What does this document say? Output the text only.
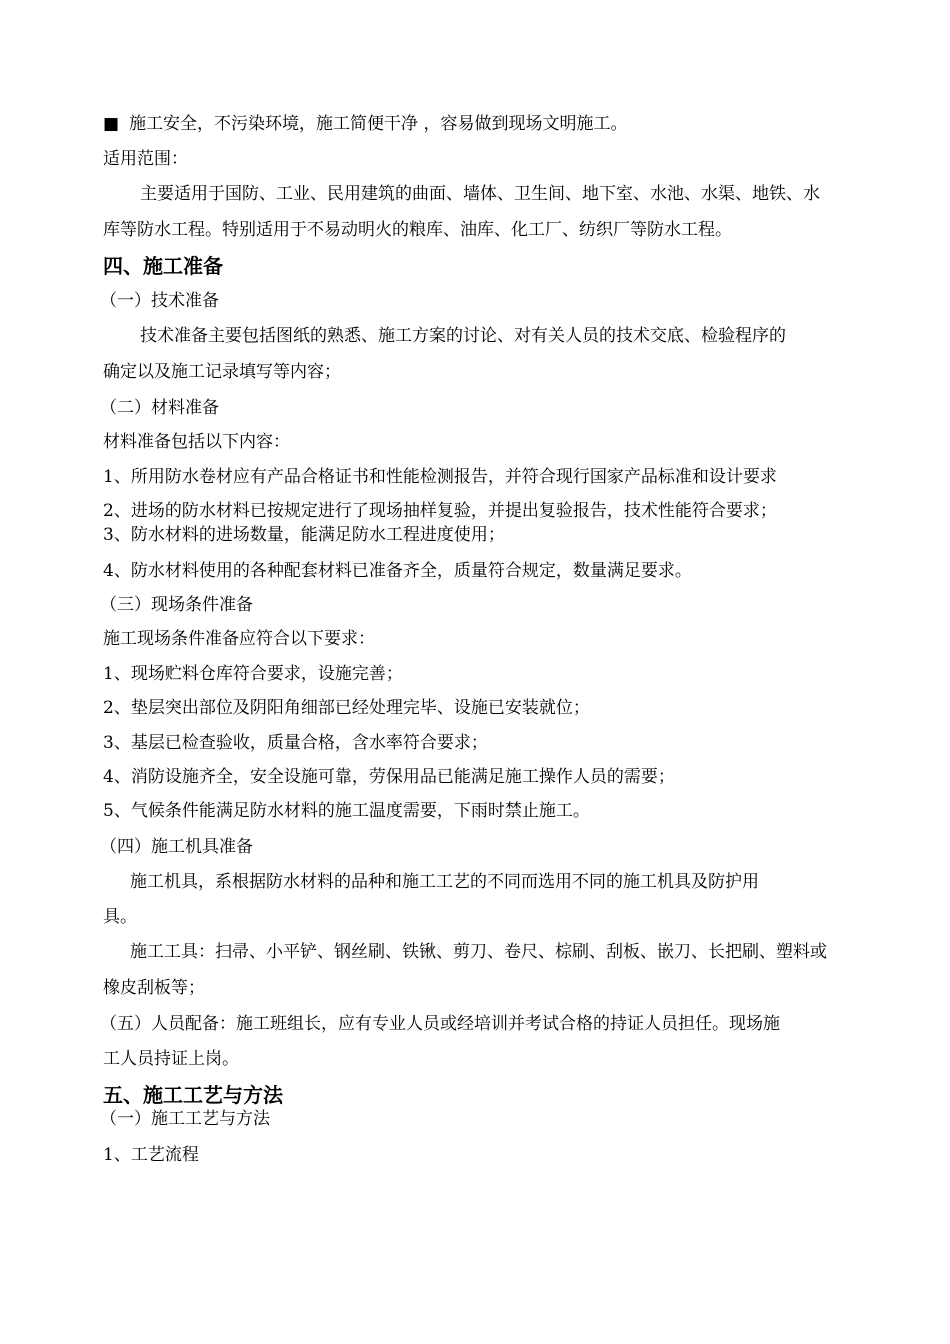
■ 施工安全，不污染环境，施工简便干净 ，容易做到现场文明施工。
适用范围：
主要适用于国防、工业、民用建筑的曲面、墙体、卫生间、地下室、水池、水渠、地铁、水
库等防水工程。特别适用于不易动明火的粮库、油库、化工厂、纺织厂等防水工程。
四、施工准备
（一）技术准备
技术准备主要包括图纸的熟悉、施工方案的讨论、对有关人员的技术交底、检验程序的
确定以及施工记录填写等内容；
（二）材料准备
材料准备包括以下内容：
1、所用防水卷材应有产品合格证书和性能检测报告，并符合现行国家产品标准和设计要求
2、进场的防水材料已按规定进行了现场抽样复验，并提出复验报告，技术性能符合要求；
3、防水材料的进场数量，能满足防水工程进度使用；
4、防水材料使用的各种配套材料已准备齐全，质量符合规定，数量满足要求。
（三）现场条件准备
施工现场条件准备应符合以下要求：
1、现场贮料仓库符合要求，设施完善；
2、垫层突出部位及阴阳角细部已经处理完毕、设施已安装就位；
3、基层已检查验收，质量合格，含水率符合要求；
4、消防设施齐全，安全设施可靠，劳保用品已能满足施工操作人员的需要；
5、气候条件能满足防水材料的施工温度需要，下雨时禁止施工。
（四）施工机具准备
施工机具，系根据防水材料的品种和施工工艺的不同而选用不同的施工机具及防护用
具。
施工工具：扫帚、小平铲、钢丝刷、铁锹、剪刀、卷尺、棕刷、刮板、嵌刀、长把刷、塑料或
橡皮刮板等；
（五）人员配备：施工班组长，应有专业人员或经培训并考试合格的持证人员担任。现场施
工人员持证上岗。
五、施工工艺与方法
（一）施工工艺与方法
1、工艺流程
